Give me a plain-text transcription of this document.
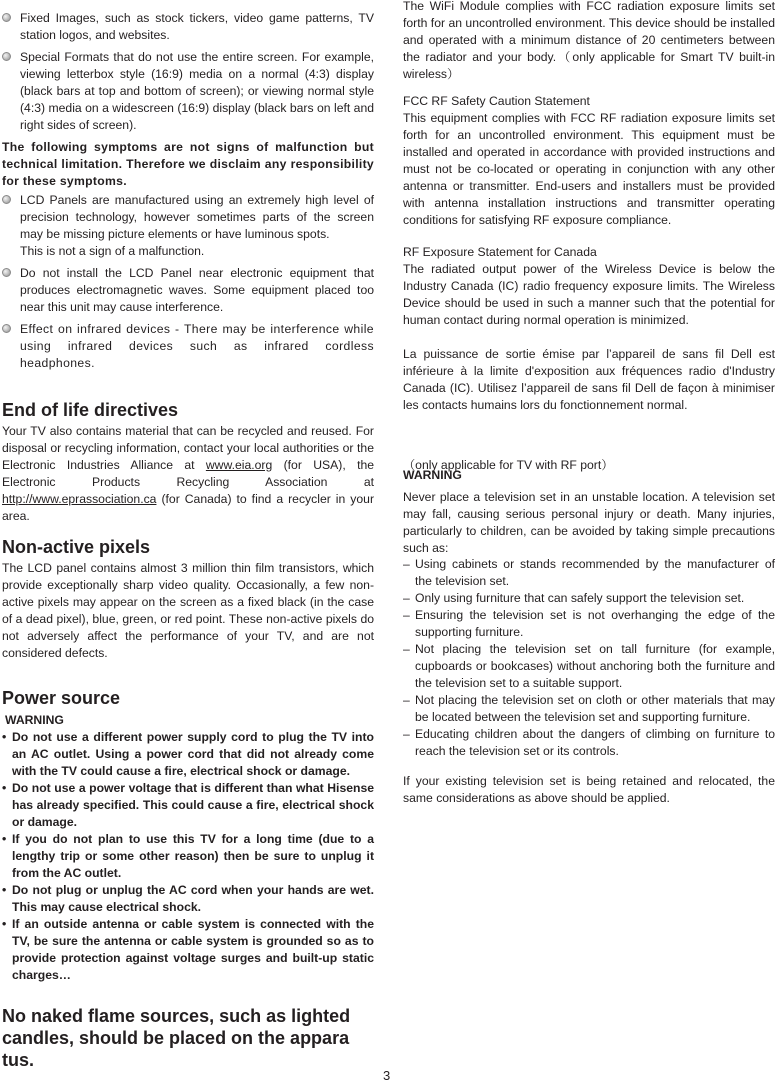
Fixed Images, such as stock tickers, video game patterns, TV station logos, and websites.
Special Formats that do not use the entire screen. For example, viewing letterbox style (16:9) media on a normal (4:3) display (black bars at top and bottom of screen); or viewing normal style (4:3) media on a widescreen (16:9) display (black bars on left and right sides of screen).

The following symptoms are not signs of malfunction but technical limitation. Therefore we disclaim any responsibility for these symptoms.

LCD Panels are manufactured using an extremely high level of precision technology, however sometimes parts of the screen may be missing picture elements or have luminous spots.
This is not a sign of a malfunction.
Do not install the LCD Panel near electronic equipment that produces electromagnetic waves. Some equipment placed too near this unit may cause interference.
Effect on infrared devices - There may be interference while using infrared devices such as infrared cordless headphones.
End of life directives

Your TV also contains material that can be recycled and reused. For disposal or recycling information, contact your local authorities or the Electronic Industries Alliance at www.eia.org (for USA), the Electronic Products Recycling Association at http://www.eprassociation.ca (for Canada) to find a recycler in your area.

Non-active pixels

The LCD panel contains almost 3 million thin film transistors, which provide exceptionally sharp video quality. Occasionally, a few non-active pixels may appear on the screen as a fixed black (in the case of a dead pixel), blue, green, or red point. These non-active pixels do not adversely affect the performance of your TV, and are not considered defects.

Power source
WARNING
• Do not use a different power supply cord to plug the TV into an AC outlet. Using a power cord that did not already come with the TV could cause a fire, electrical shock or damage.
• Do not use a power voltage that is different than what Hisense has already specified. This could cause a fire, electrical shock or damage.
• If you do not plan to use this TV for a long time (due to a lengthy trip or some other reason) then be sure to unplug it from the AC outlet.
• Do not plug or unplug the AC cord when your hands are wet. This may cause electrical shock.
• If an outside antenna or cable system is connected with the TV, be sure the antenna or cable system is grounded so as to provide protection against voltage surges and built-up static charges…

No naked flame sources, such as lighted candles, should be placed on the appara tus.

The WiFi Module complies with FCC radiation exposure limits set forth for an uncontrolled environment. This device should be installed and operated with a minimum distance of 20 centimeters between the radiator and your body.（only applicable for Smart TV built-in wireless）

FCC RF Safety Caution Statement

This equipment complies with FCC RF radiation exposure limits set forth for an uncontrolled environment. This equipment must be installed and operated in accordance with provided instructions and must not be co-located or operating in conjunction with any other antenna or transmitter. End-users and installers must be provided with antenna installation instructions and transmitter operating conditions for satisfying RF exposure compliance.

RF Exposure Statement for Canada

The radiated output power of the Wireless Device is below the Industry Canada (IC) radio frequency exposure limits. The Wireless Device should be used in such a manner such that the potential for human contact during normal operation is minimized.

La puissance de sortie émise par l’appareil de sans fil Dell est inférieure à la limite d'exposition aux fréquences radio d'Industry Canada (IC). Utilisez l’appareil de sans fil Dell de façon à minimiser les contacts humains lors du fonctionnement normal.

（only applicable for TV with RF port）

WARNING

Never place a television set in an unstable location. A television set may fall, causing serious personal injury or death. Many injuries, particularly to children, can be avoided by taking simple precautions such as:

– Using cabinets or stands recommended by the manufacturer of the television set.
– Only using furniture that can safely support the television set.
– Ensuring the television set is not overhanging the edge of the supporting furniture.
– Not placing the television set on tall furniture (for example, cupboards or bookcases) without anchoring both the furniture and the television set to a suitable support.
– Not placing the television set on cloth or other materials that may be located between the television set and supporting furniture.
– Educating children about the dangers of climbing on furniture to reach the television set or its controls.

If your existing television set is being retained and relocated, the same considerations as above should be applied.

3
